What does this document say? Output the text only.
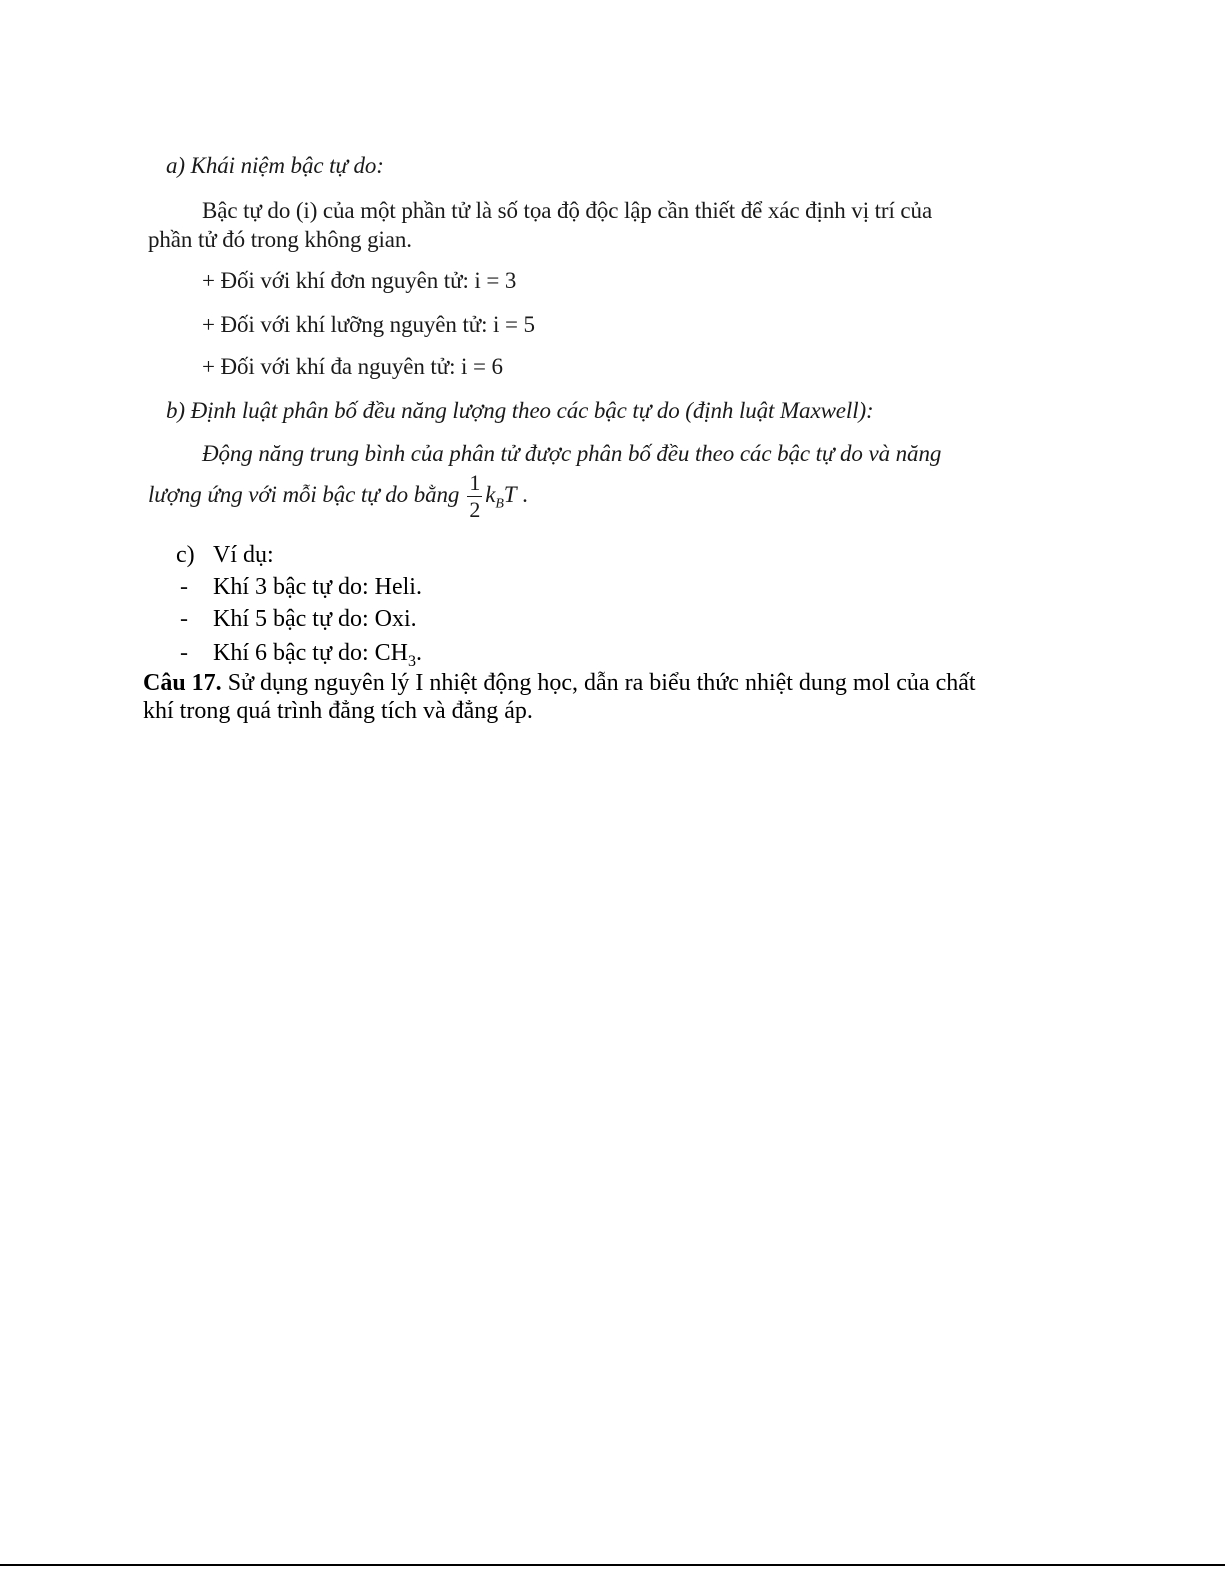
a) Khái niệm bậc tự do:
Bậc tự do (i) của một phần tử là số tọa độ độc lập cần thiết để xác định vị trí của
phần tử đó trong không gian.
+ Đối với khí đơn nguyên tử: i = 3
+ Đối với khí lưỡng nguyên tử: i = 5
+ Đối với khí đa nguyên tử: i = 6
b) Định luật phân bố đều năng lượng theo các bậc tự do (định luật Maxwell):
Động năng trung bình của phân tử được phân bố đều theo các bậc tự do và năng
lượng ứng với mỗi bậc tự do bằng $\frac{1}{2} k_BT$ .
c) Ví dụ:
- Khí 3 bậc tự do: Heli.
- Khí 5 bậc tự do: Oxi.
- Khí 6 bậc tự do: $CH_3$.
Câu 17. Sử dụng nguyên lý I nhiệt động học, dẫn ra biểu thức nhiệt dung mol của chất
khí trong quá trình đẳng tích và đẳng áp.
